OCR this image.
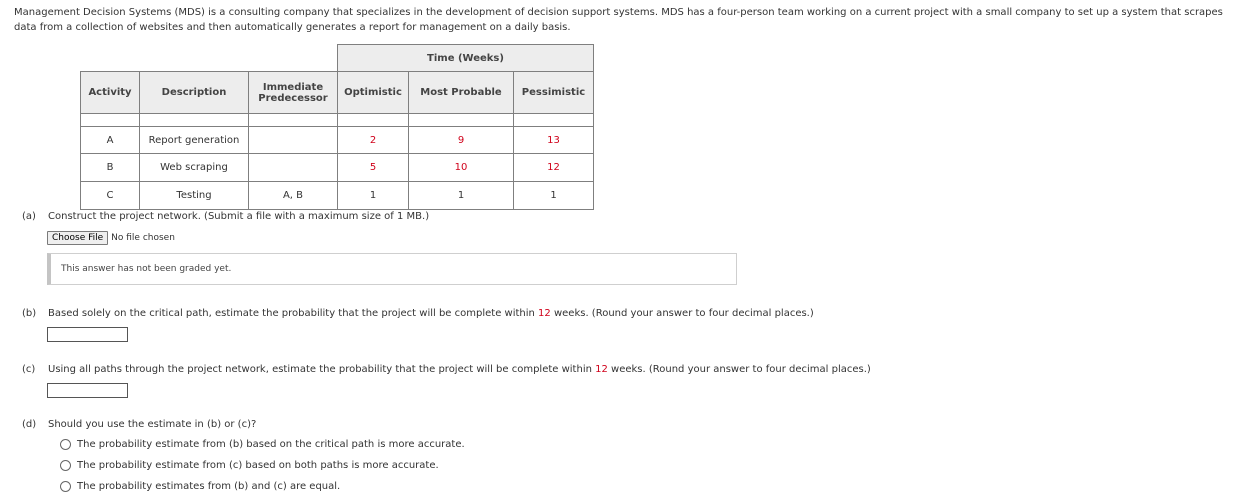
Management Decision Systems (MDS) is a consulting company that specializes in the development of decision support systems. MDS has a four-person team working on a current project with a small company to set up a system that scrapes data from a collection of websites and then automatically generates a report for management on a daily basis.
			Time (Weeks)		
Activity	Description	Immediate Predecessor	Optimistic	Most Probable	Pessimistic

A	Report generation		2	9	13
B	Web scraping		5	10	12
C	Testing	A, B	1	1	1
(a) Construct the project network. (Submit a file with a maximum size of 1 MB.)
Choose File No file chosen
This answer has not been graded yet.
(b) Based solely on the critical path, estimate the probability that the project will be complete within 12 weeks. (Round your answer to four decimal places.)
(c) Using all paths through the project network, estimate the probability that the project will be complete within 12 weeks. (Round your answer to four decimal places.)
(d) Should you use the estimate in (b) or (c)?
The probability estimate from (b) based on the critical path is more accurate.
The probability estimate from (c) based on both paths is more accurate.
The probability estimates from (b) and (c) are equal.
